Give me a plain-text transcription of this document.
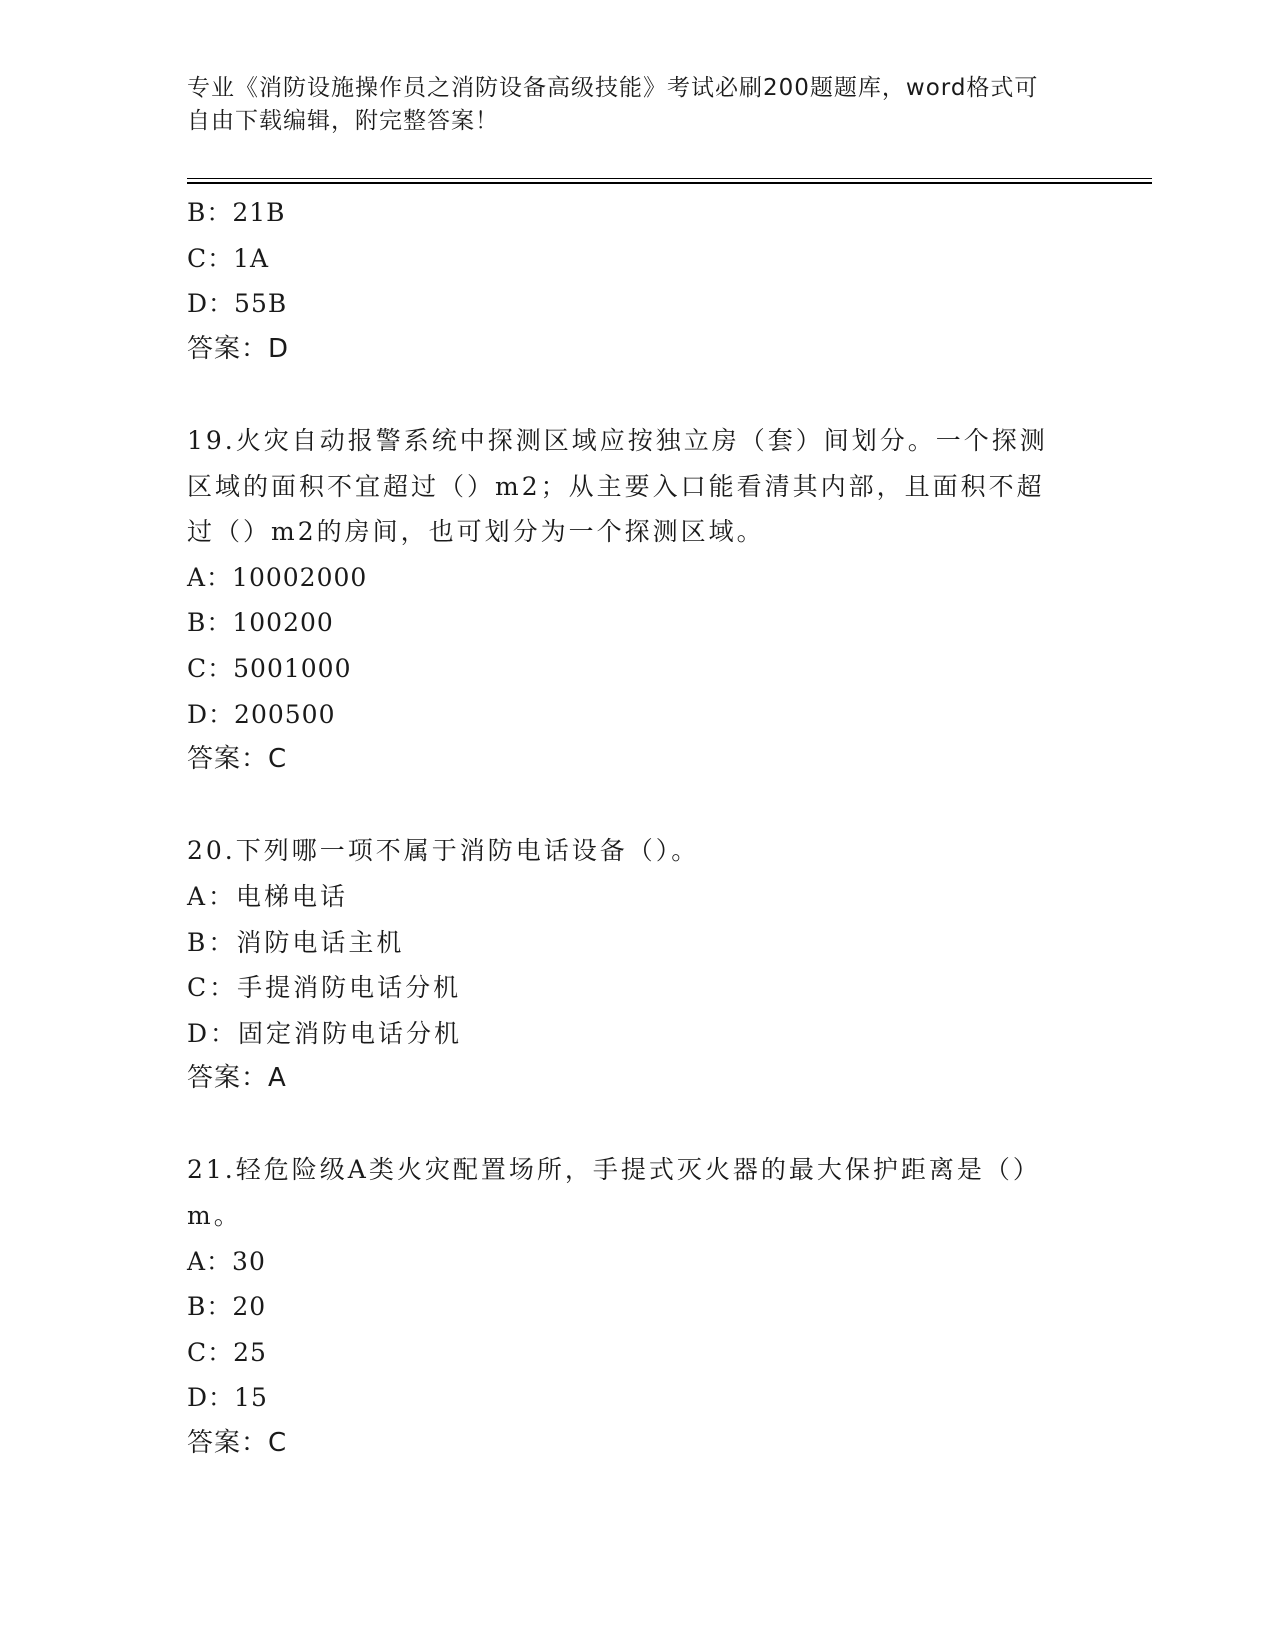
专业《消防设施操作员之消防设备高级技能》考试必刷200题题库，word格式可
自由下载编辑，附完整答案！
B：21B
C：1A
D：55B
答案：D
19.火灾自动报警系统中探测区域应按独立房（套）间划分。一个探测
区域的面积不宜超过（）m2；从主要入口能看清其内部，且面积不超
过（）m2的房间，也可划分为一个探测区域。
A：10002000
B：100200
C：5001000
D：200500
答案：C
20.下列哪一项不属于消防电话设备（）。
A：电梯电话
B：消防电话主机
C：手提消防电话分机
D：固定消防电话分机
答案：A
21.轻危险级A类火灾配置场所，手提式灭火器的最大保护距离是（）
m。
A：30
B：20
C：25
D：15
答案：C
